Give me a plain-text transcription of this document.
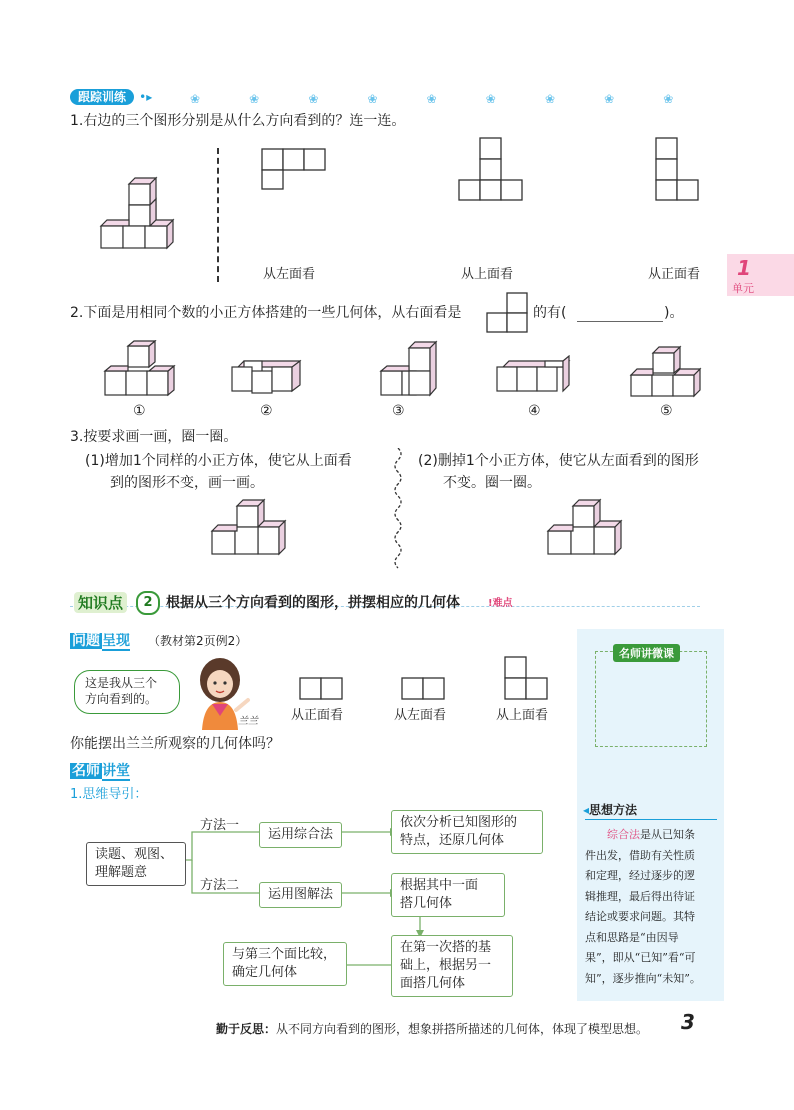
跟踪训练 •▸	❀	❀	❀	❀	❀	❀	❀	❀	❀
1.右边的三个图形分别是从什么方向看到的？连一连。
从左面看	从上面看	从正面看 1
单元
2.下面是用相同个数的小正方体搭建的一些几何体，从右面看是	的有(	)。
①	②	③	④	⑤
3.按要求画一画，圈一圈。
(1)增加1个同样的小正方体，使它从上面看
到的图形不变，画一画。
(2)删掉1个小正方体，使它从左面看到的图形
不变。圈一圈。
知识点	2 根据从三个方向看到的图形，拼摆相应的几何体	!难点
问题 呈现 （教材第2页例2）
这是我从三个
方向看到的。
兰兰	从正面看	从左面看	从上面看
你能摆出兰兰所观察的几何体吗？
名师 讲堂
1.思维导引：
读题、观图、
理解题意
方法一
方法二
运用综合法
运用图解法
依次分析已知图形的
特点，还原几何体
根据其中一面
搭几何体
在第一次搭的基
础上，根据另一
面搭几何体
与第三个面比较，
确定几何体
名师讲微课
◂思想方法
综合法是从已知条
件出发，借助有关性质
和定理，经过逐步的逻
辑推理，最后得出待证
结论或要求问题。其特
点和思路是“由因导
果”，即从“已知”看“可
知”，逐步推向“未知”。
勤于反思：从不同方向看到的图形，想象拼搭所描述的几何体，体现了模型思想。 3
